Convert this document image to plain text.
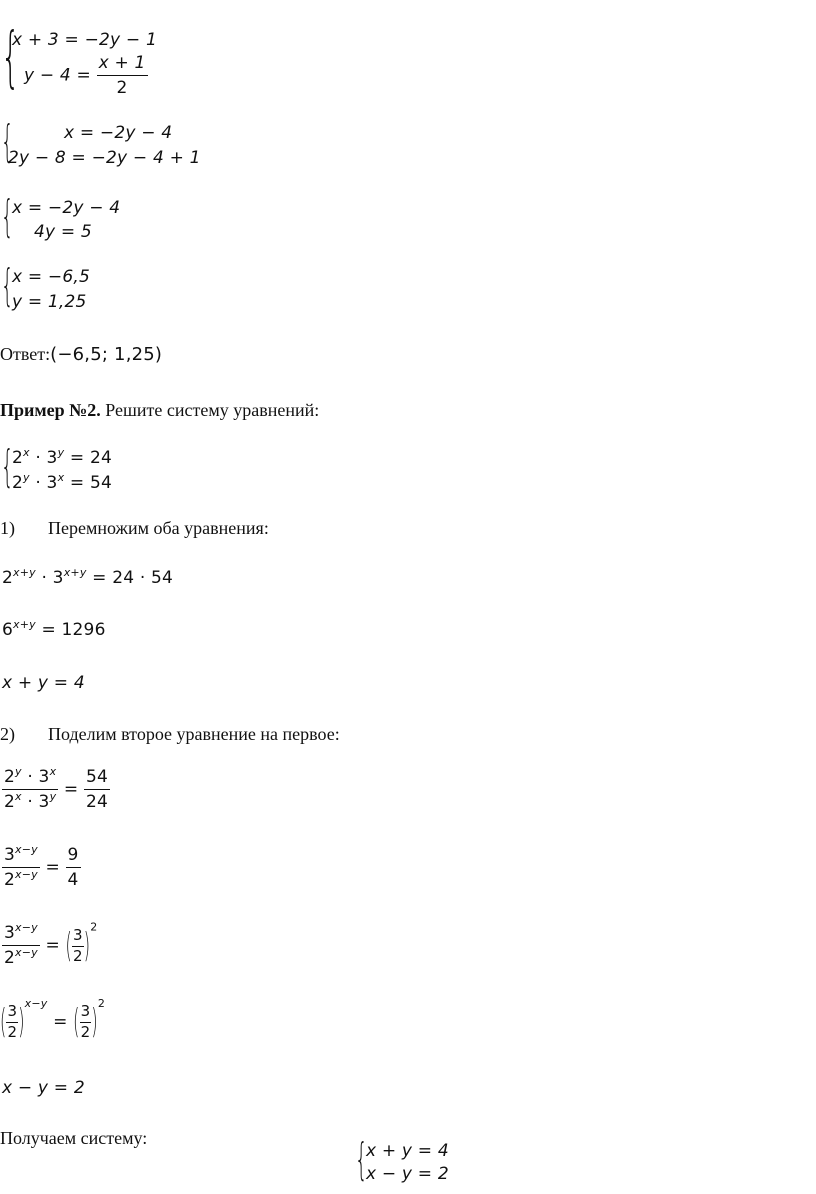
{
x + 3 = −2y − 1
$y - 4 = \frac{x + 1}{2}$
{	x = −2y − 4
2y − 8 = −2y − 4 + 1
{
x = −2y − 4
4y = 5
{
x = −6,5
y = 1,25
Ответ:(−6,5; 1,25)
Пример №2. Решите систему уравнений:
{
$2^x \cdot 3^y = 24$
$2^y \cdot 3^x = 54$
1) Перемножим оба уравнения:
$2^{x+y} \cdot 3^{x+y} = 24 \cdot 54$
$6^{x+y} = 1296$
x + y = 4
2) Поделим второе уравнение на первое:
$\frac{2^y \cdot 3^x}{2^x \cdot 3^y} = \frac{54}{24}$
$\frac{3^{x-y}}{2^{x-y}} = \frac{9}{4}$
$\frac{3^{x-y}}{2^{x-y}}$ = ( $\frac{3}{2} )^2$
( $\frac{3}{2} )^{x-y}$ = ( $\frac{3}{2} )^2$
x − y = 2
Получаем систему:	{
x + y = 4
x − y = 2
